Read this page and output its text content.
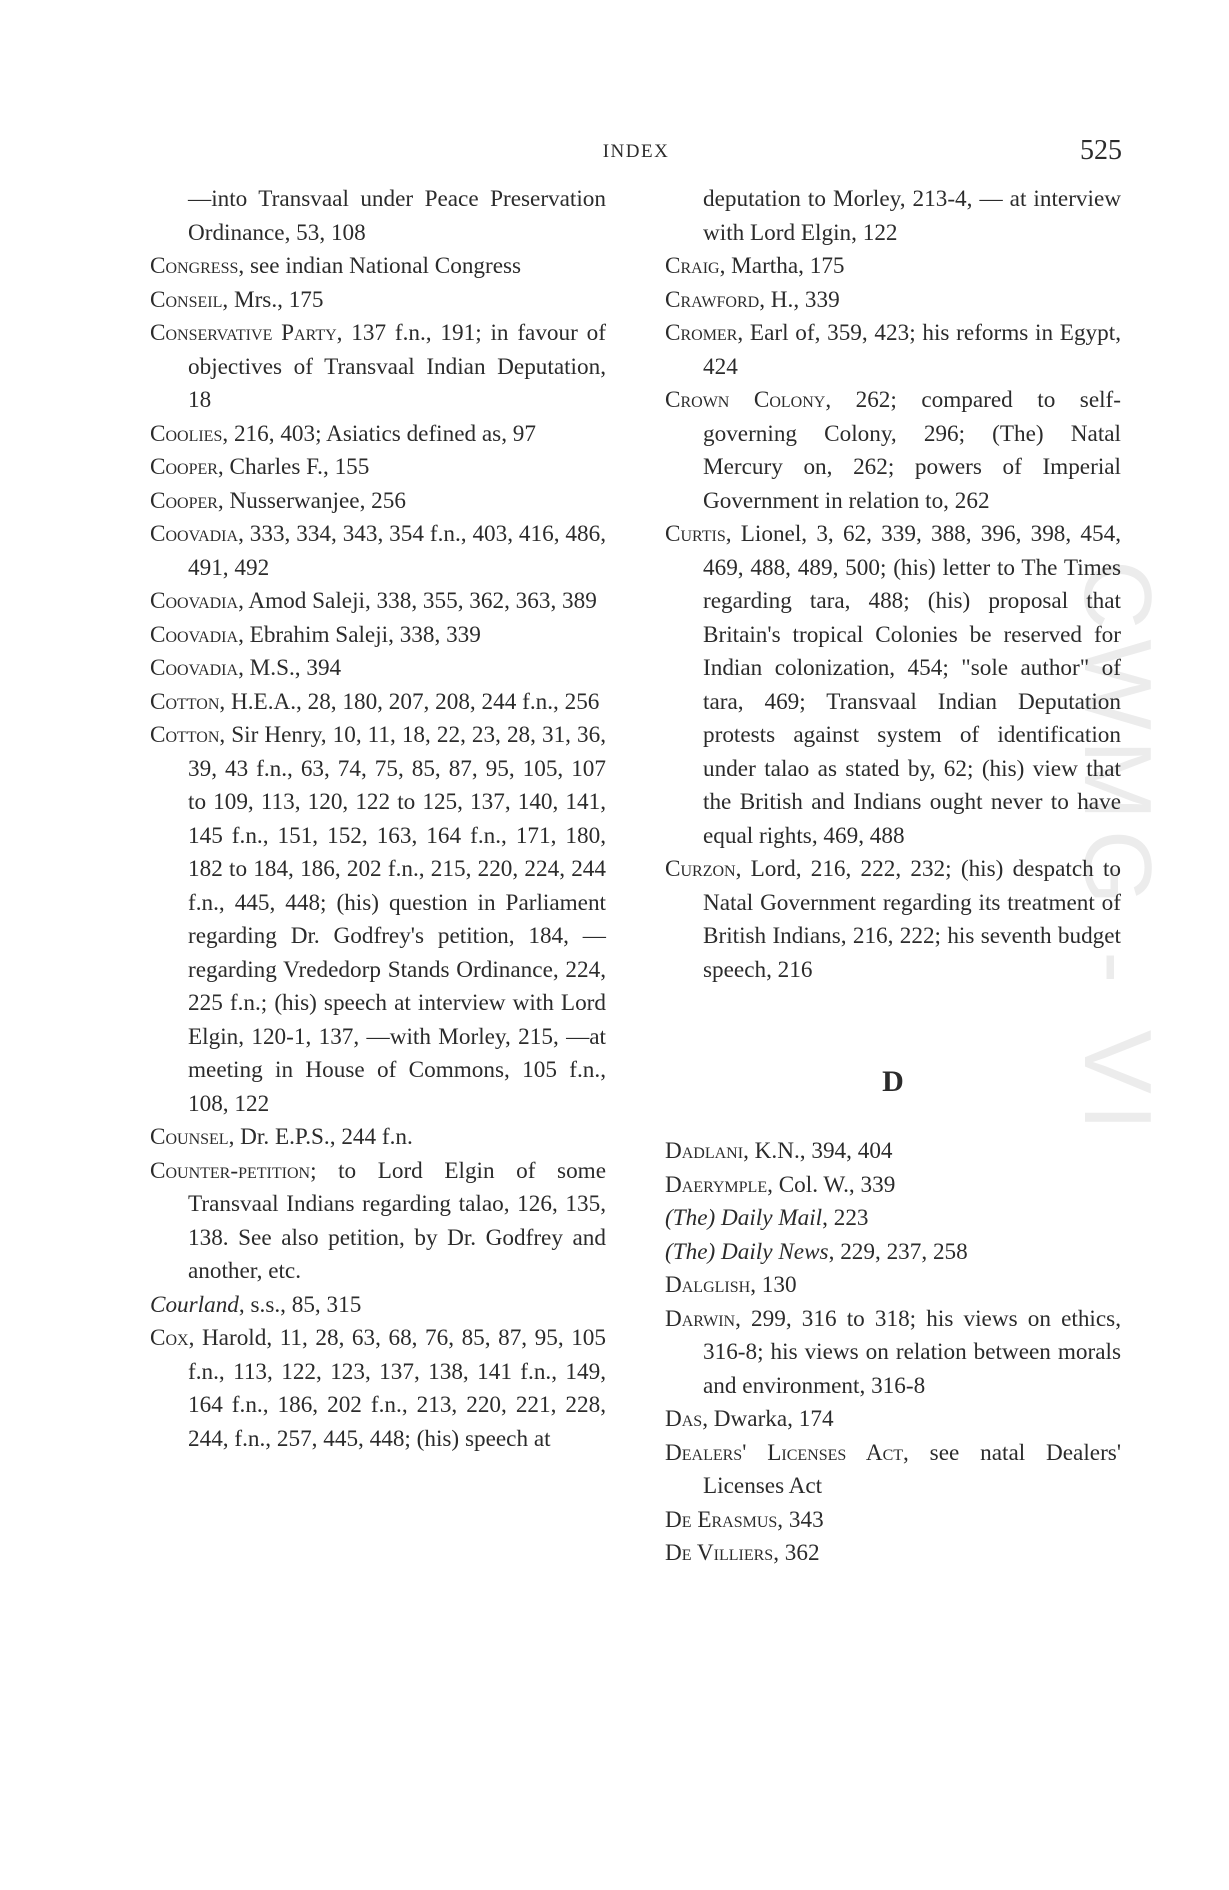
INDEX	525
CWMG - VI

—into Transvaal under Peace Preservation Ordinance, 53, 108

Congress, see indian National Congress

Conseil, Mrs., 175

Conservative Party, 137 f.n., 191; in favour of objectives of Transvaal Indian Deputation, 18

Coolies, 216, 403; Asiatics defined as, 97

Cooper, Charles F., 155

Cooper, Nusserwanjee, 256

Coovadia, 333, 334, 343, 354 f.n., 403, 416, 486, 491, 492

Coovadia, Amod Saleji, 338, 355, 362, 363, 389

Coovadia, Ebrahim Saleji, 338, 339

Coovadia, M.S., 394

Cotton, H.E.A., 28, 180, 207, 208, 244 f.n., 256

Cotton, Sir Henry, 10, 11, 18, 22, 23, 28, 31, 36, 39, 43 f.n., 63, 74, 75, 85, 87, 95, 105, 107 to 109, 113, 120, 122 to 125, 137, 140, 141, 145 f.n., 151, 152, 163, 164 f.n., 171, 180, 182 to 184, 186, 202 f.n., 215, 220, 224, 244 f.n., 445, 448; (his) question in Parliament regarding Dr. Godfrey's petition, 184, —regarding Vrededorp Stands Ordinance, 224, 225 f.n.; (his) speech at interview with Lord Elgin, 120-1, 137, —with Morley, 215, —at meeting in House of Commons, 105 f.n., 108, 122

Counsel, Dr. E.P.S., 244 f.n.

Counter-petition; to Lord Elgin of some Transvaal Indians regarding talao, 126, 135, 138. See also petition, by Dr. Godfrey and another, etc.

Courland, s.s., 85, 315

Cox, Harold, 11, 28, 63, 68, 76, 85, 87, 95, 105 f.n., 113, 122, 123, 137, 138, 141 f.n., 149, 164 f.n., 186, 202 f.n., 213, 220, 221, 228, 244, f.n., 257, 445, 448; (his) speech at

deputation to Morley, 213-4, — at interview with Lord Elgin, 122

Craig, Martha, 175

Crawford, H., 339

Cromer, Earl of, 359, 423; his reforms in Egypt, 424

Crown Colony, 262; compared to self-governing Colony, 296; (The) Natal Mercury on, 262; powers of Imperial Government in relation to, 262

Curtis, Lionel, 3, 62, 339, 388, 396, 398, 454, 469, 488, 489, 500; (his) letter to The Times regarding tara, 488; (his) proposal that Britain's tropical Colonies be reserved for Indian colonization, 454; "sole author" of tara, 469; Transvaal Indian Deputation protests against system of identification under talao as stated by, 62; (his) view that the British and Indians ought never to have equal rights, 469, 488

Curzon, Lord, 216, 222, 232; (his) despatch to Natal Government regarding its treatment of British Indians, 216, 222; his seventh budget speech, 216

D

Dadlani, K.N., 394, 404

Daerymple, Col. W., 339

(The) Daily Mail, 223

(The) Daily News, 229, 237, 258

Dalglish, 130

Darwin, 299, 316 to 318; his views on ethics, 316-8; his views on relation between morals and environment, 316-8

Das, Dwarka, 174

Dealers' Licenses Act, see natal Dealers' Licenses Act

De Erasmus, 343

De Villiers, 362
